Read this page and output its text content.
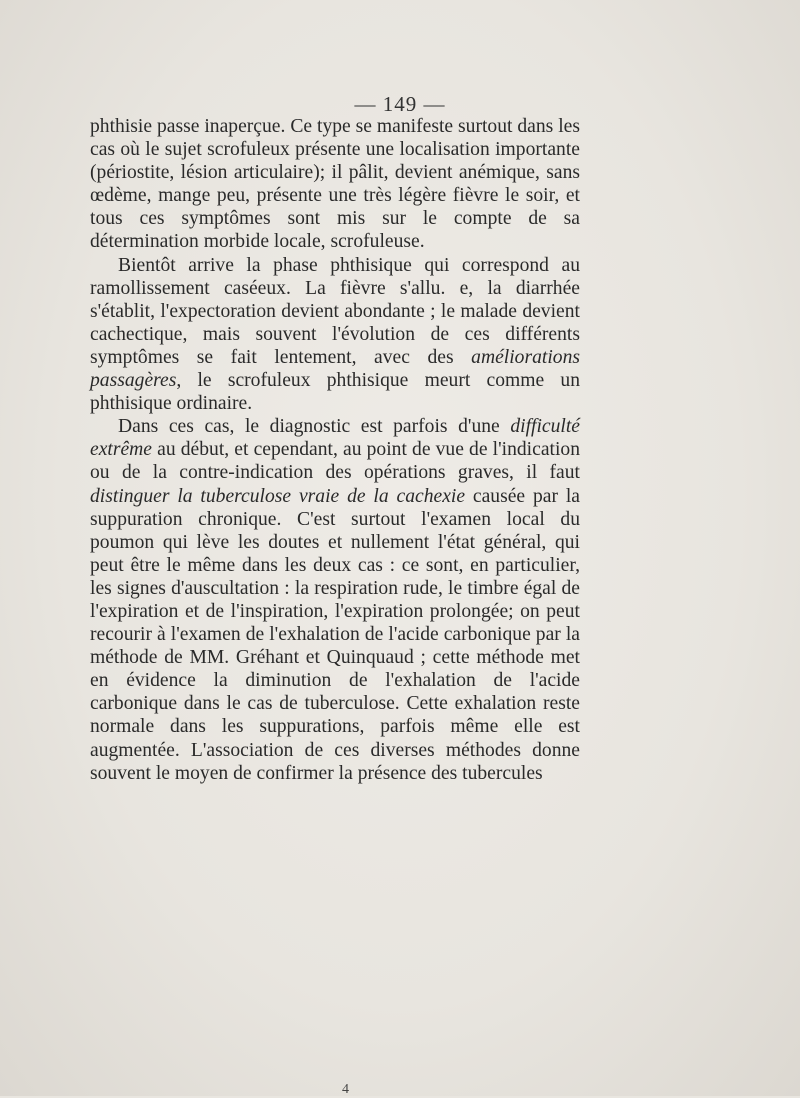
— 149 —

phthisie passe inaperçue. Ce type se manifeste surtout dans les cas où le sujet scrofuleux présente une localisation importante (périostite, lésion articulaire); il pâlit, devient anémique, sans œdème, mange peu, présente une très légère fièvre le soir, et tous ces symptômes sont mis sur le compte de sa détermination morbide locale, scrofuleuse.

Bientôt arrive la phase phthisique qui correspond au ramollissement caséeux. La fièvre s'allu. e, la diarrhée s'établit, l'expectoration devient abondante ; le malade devient cachectique, mais souvent l'évolution de ces différents symptômes se fait lentement, avec des améliorations passagères, le scrofuleux phthisique meurt comme un phthisique ordinaire.

Dans ces cas, le diagnostic est parfois d'une difficulté extrême au début, et cependant, au point de vue de l'indication ou de la contre-indication des opérations graves, il faut distinguer la tuberculose vraie de la cachexie causée par la suppuration chronique. C'est surtout l'examen local du poumon qui lève les doutes et nullement l'état général, qui peut être le même dans les deux cas : ce sont, en particulier, les signes d'auscultation : la respiration rude, le timbre égal de l'expiration et de l'inspiration, l'expiration prolongée; on peut recourir à l'examen de l'exhalation de l'acide carbonique par la méthode de MM. Gréhant et Quinquaud ; cette méthode met en évidence la diminution de l'exhalation de l'acide carbonique dans le cas de tuberculose. Cette exhalation reste normale dans les suppurations, parfois même elle est augmentée. L'association de ces diverses méthodes donne souvent le moyen de confirmer la présence des tubercules

4
